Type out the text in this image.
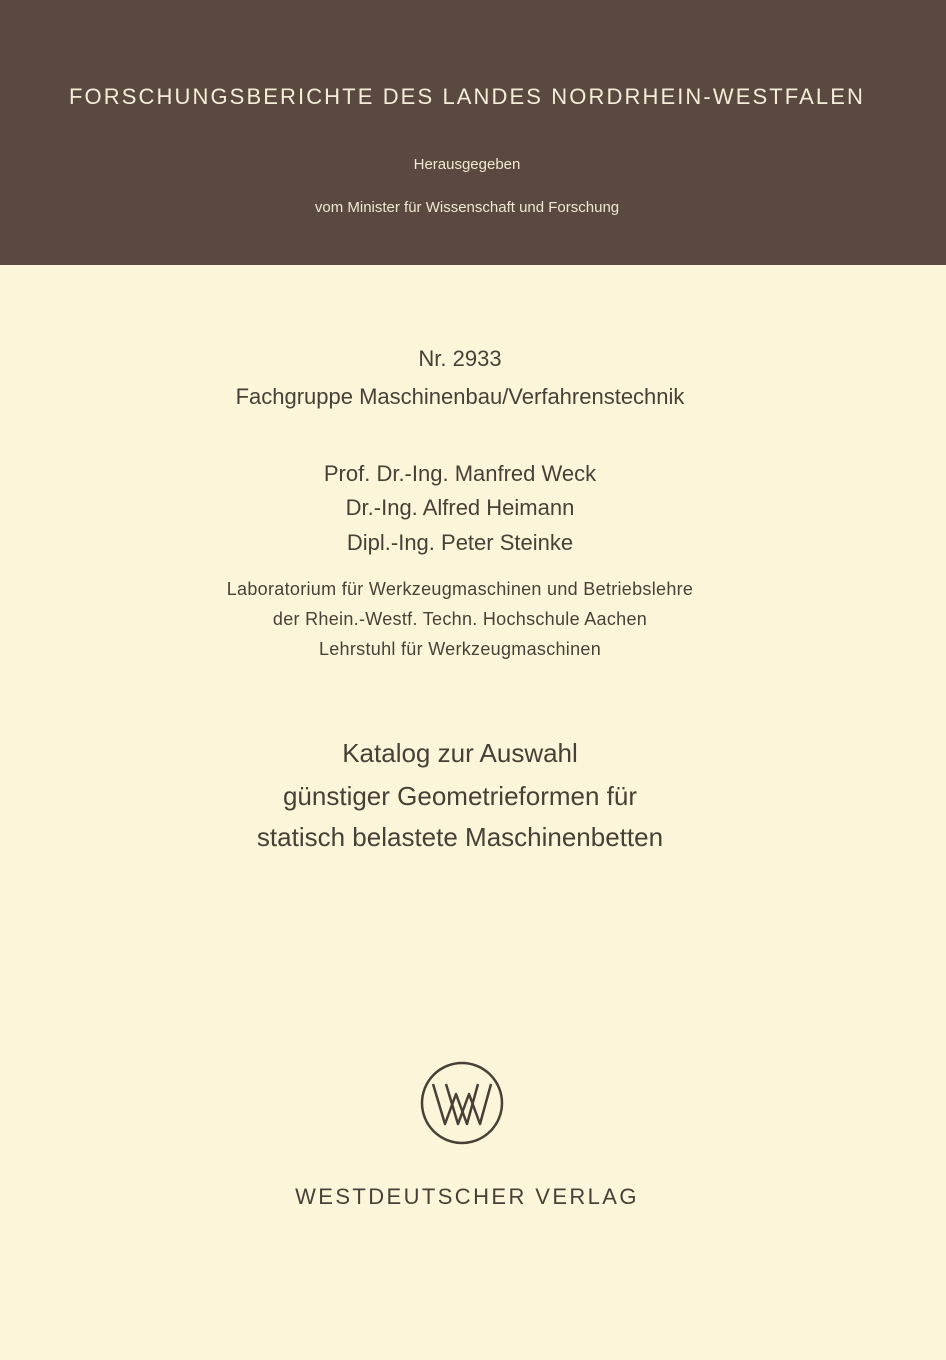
FORSCHUNGSBERICHTE DES LANDES NORDRHEIN-WESTFALEN
Herausgegeben
vom Minister für Wissenschaft und Forschung
Nr. 2933
Fachgruppe Maschinenbau/Verfahrenstechnik
Prof. Dr.-Ing. Manfred Weck
Dr.-Ing. Alfred Heimann
Dipl.-Ing. Peter Steinke
Laboratorium für Werkzeugmaschinen und Betriebslehre
der Rhein.-Westf. Techn. Hochschule Aachen
Lehrstuhl für Werkzeugmaschinen
Katalog zur Auswahl
günstiger Geometrieformen für
statisch belastete Maschinenbetten
WESTDEUTSCHER VERLAG
